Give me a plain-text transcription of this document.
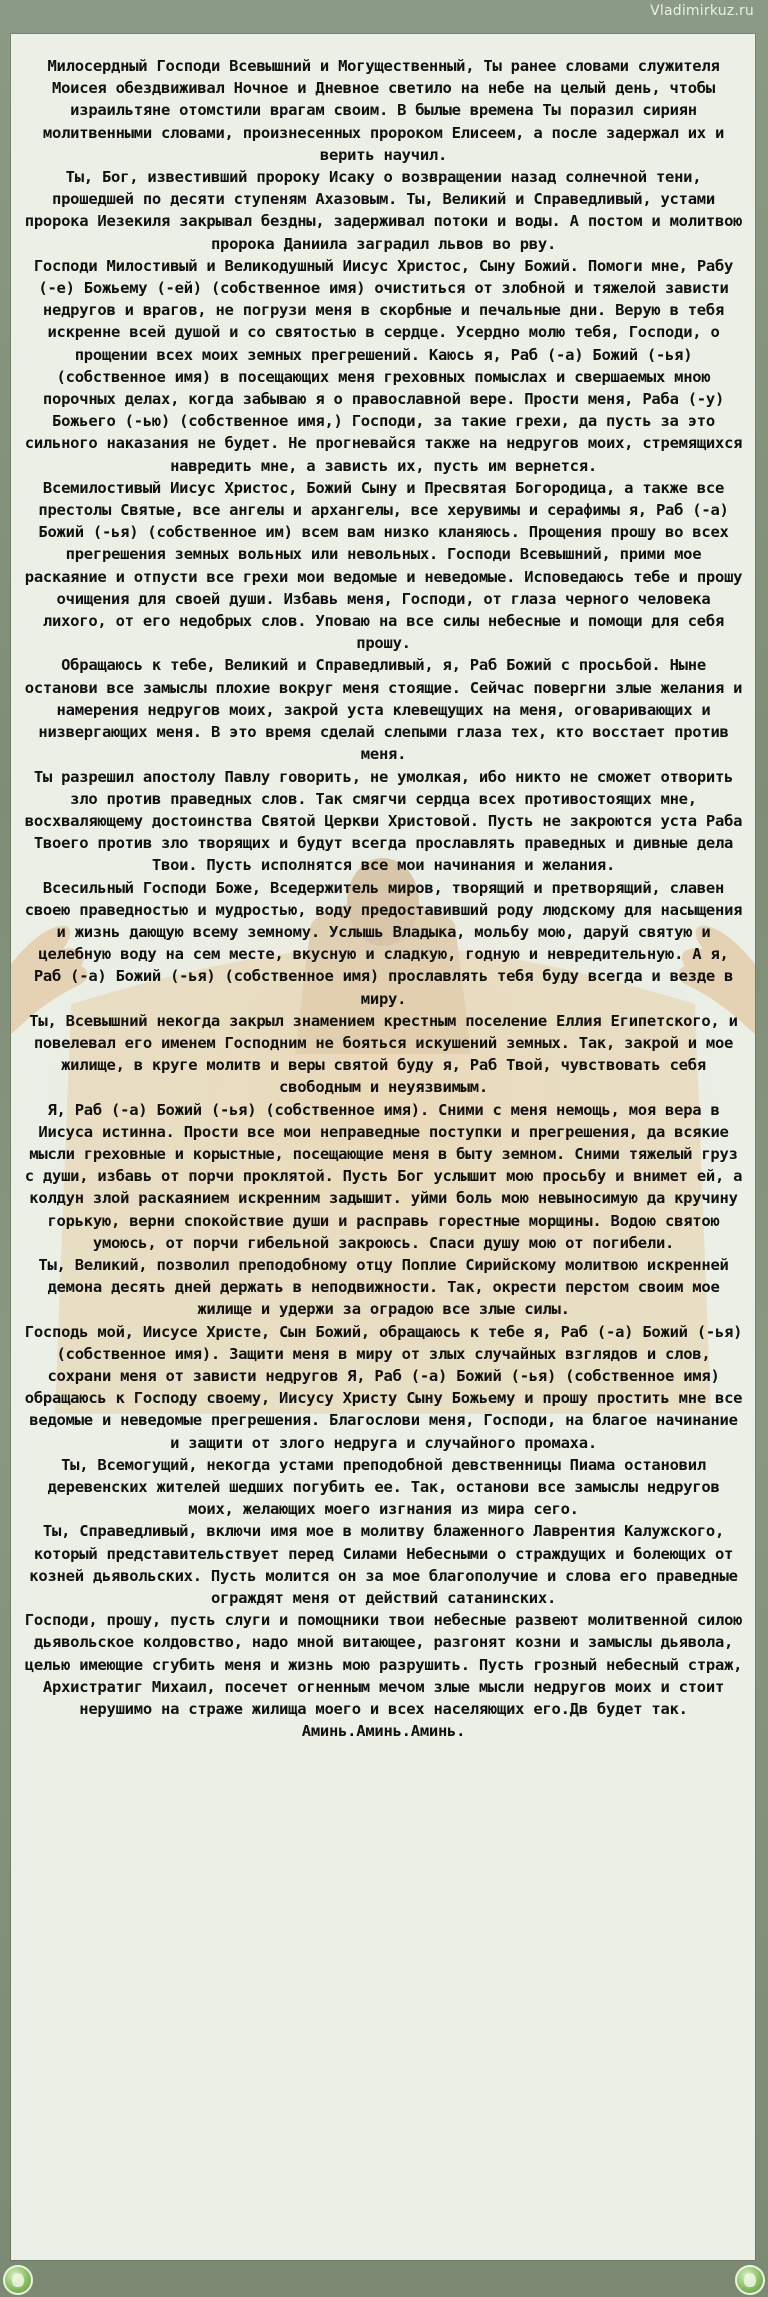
Vladimirkuz.ru

Милосердный Господи Всевышний и Могущественный, Ты ранее словами служителя Моисея обездвиживал Ночное и Дневное светило на небе на целый день, чтобы израильтяне отомстили врагам своим. В былые времена Ты поразил сириян молитвенными словами, произнесенных пророком Елисеем, а после задержал их и верить научил.

Ты, Бог, известивший пророку Исаку о возвращении назад солнечной тени, прошедшей по десяти ступеням Ахазовым. Ты, Великий и Справедливый, устами пророка Иезекиля закрывал бездны, задерживал потоки и воды. А постом и молитвою пророка Даниила заградил львов во рву.

Господи Милостивый и Великодушный Иисус Христос, Сыну Божий. Помоги мне, Рабу (-е) Божьему (-ей) (собственное имя) очиститься от злобной и тяжелой зависти недругов и врагов, не погрузи меня в скорбные и печальные дни. Верую в тебя искренне всей душой и со святостью в сердце. Усердно молю тебя, Господи, о прощении всех моих земных прегрешений. Каюсь я, Раб (-а) Божий (-ья) (собственное имя) в посещающих меня греховных помыслах и свершаемых мною порочных делах, когда забываю я о православной вере. Прости меня, Раба (-у) Божьего (-ью) (собственное имя,) Господи, за такие грехи, да пусть за это сильного наказания не будет. Не прогневайся также на недругов моих, стремящихся навредить мне, а зависть их, пусть им вернется.

Всемилостивый Иисус Христос, Божий Сыну и Пресвятая Богородица, а также все престолы Святые, все ангелы и архангелы, все херувимы и серафимы я, Раб (-а) Божий (-ья) (собственное им) всем вам низко кланяюсь. Прощения прошу во всех прегрешения земных вольных или невольных. Господи Всевышний, прими мое раскаяние и отпусти все грехи мои ведомые и неведомые. Исповедаюсь тебе и прошу очищения для своей души. Избавь меня, Господи, от глаза черного человека лихого, от его недобрых слов. Уповаю на все силы небесные и помощи для себя прошу.

Обращаюсь к тебе, Великий и Справедливый, я, Раб Божий с просьбой. Ныне останови все замыслы плохие вокруг меня стоящие. Сейчас повергни злые желания и намерения недругов моих, закрой уста клевещущих на меня, оговаривающих и низвергающих меня. В это время сделай слепыми глаза тех, кто восстает против меня.

Ты разрешил апостолу Павлу говорить, не умолкая, ибо никто не сможет отворить зло против праведных слов. Так смягчи сердца всех противостоящих мне, восхваляющему достоинства Святой Церкви Христовой. Пусть не закроются уста Раба Твоего против зло творящих и будут всегда прославлять праведных и дивные дела Твои. Пусть исполнятся все мои начинания и желания.

Всесильный Господи Боже, Вседержитель миров, творящий и претворящий, славен своею праведностью и мудростью, воду предоставивший роду людскому для насыщения и жизнь дающую всему земному. Услышь Владыка, мольбу мою, даруй святую и целебную воду на сем месте, вкусную и сладкую, годную и невредительную. А я, Раб (-а) Божий (-ья) (собственное имя) прославлять тебя буду всегда и везде в миру.

Ты, Всевышний некогда закрыл знамением крестным поселение Еллия Египетского, и повелевал его именем Господним не бояться искушений земных. Так, закрой и мое жилище, в круге молитв и веры святой буду я, Раб Твой, чувствовать себя свободным и неуязвимым.

Я, Раб (-а) Божий (-ья) (собственное имя). Сними с меня немощь, моя вера в Иисуса истинна. Прости все мои неправедные поступки и прегрешения, да всякие мысли греховные и корыстные, посещающие меня в быту земном. Сними тяжелый груз с души, избавь от порчи проклятой. Пусть Бог услышит мою просьбу и внимет ей, а колдун злой раскаянием искренним задышит. уйми боль мою невыносимую да кручину горькую, верни спокойствие души и расправь горестные морщины. Водою святою умоюсь, от порчи гибельной закроюсь. Спаси душу мою от погибели.

Ты, Великий, позволил преподобному отцу Поплие Сирийскому молитвою искренней демона десять дней держать в неподвижности. Так, окрести перстом своим мое жилище и удержи за оградою все злые силы.

Господь мой, Иисусе Христе, Сын Божий, обращаюсь к тебе я, Раб (-а) Божий (-ья) (собственное имя). Защити меня в миру от злых случайных взглядов и слов, сохрани меня от зависти недругов Я, Раб (-а) Божий (-ья) (собственное имя) обращаюсь к Господу своему, Иисусу Христу Сыну Божьему и прошу простить мне все ведомые и неведомые прегрешения. Благослови меня, Господи, на благое начинание и защити от злого недруга и случайного промаха.

Ты, Всемогущий, некогда устами преподобной девственницы Пиама остановил деревенских жителей шедших погубить ее. Так, останови все замыслы недругов моих, желающих моего изгнания из мира сего.

Ты, Справедливый, включи имя мое в молитву блаженного Лаврентия Калужского, который представительствует перед Силами Небесными о страждущих и болеющих от козней дьявольских. Пусть молится он за мое благополучие и слова его праведные ограждят меня от действий сатанинских.

Господи, прошу, пусть слуги и помощники твои небесные развеют молитвенной силою дьявольское колдовство, надо мной витающее, разгонят козни и замыслы дьявола, целью имеющие сгубить меня и жизнь мою разрушить. Пусть грозный небесный страж, Архистратиг Михаил, посечет огненным мечом злые мысли недругов моих и стоит нерушимо на страже жилища моего и всех населяющих его.Дв будет так.

Аминь.Аминь.Аминь.
